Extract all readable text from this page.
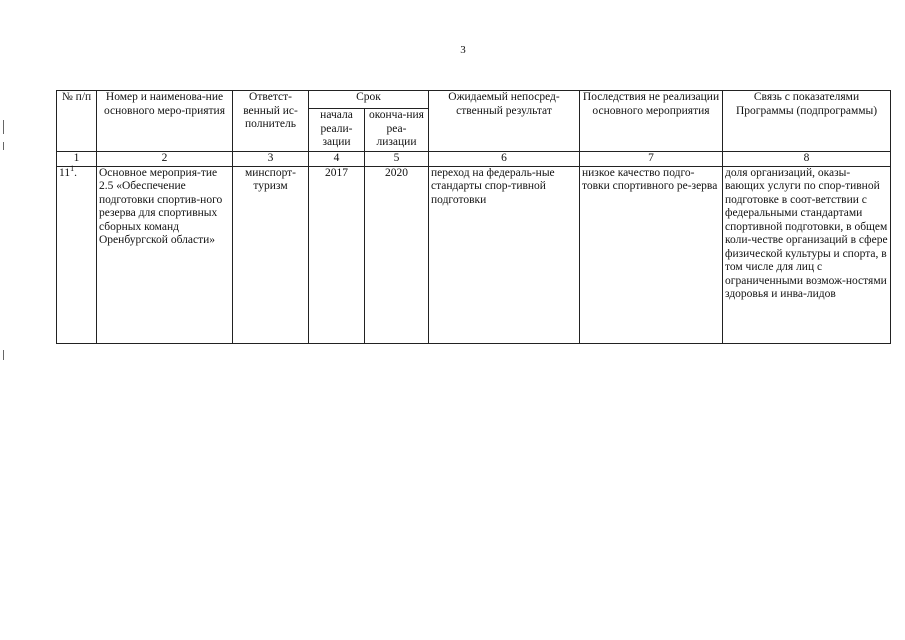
3
№ п/п	Номер и наименова-ние основного меро-приятия	Ответст-венный ис-полнитель	Срок		Ожидаемый непосред-ственный результат	Последствия не реализации основного мероприятия	Связь с показателями Программы (подпрограммы)
			начала реали-зации	оконча-ния реа-лизации			
1	2	3	4	5	6	7	8
$11^1$.	Основное мероприя-тие 2.5 «Обеспечение подготовки спортив-ного резерва для спортивных сборных команд Оренбургской области»	минспорт-туризм	2017	2020	переход на федераль-ные стандарты спор-тивной подготовки	низкое качество подго-товки спортивного ре-зерва	доля организаций, оказы-вающих услуги по спор-тивной подготовке в соот-ветствии с федеральными стандартами спортивной подготовки, в общем коли-честве организаций в сфере физической культуры и спорта, в том числе для лиц с ограниченными возмож-ностями здоровья и инва-лидов
